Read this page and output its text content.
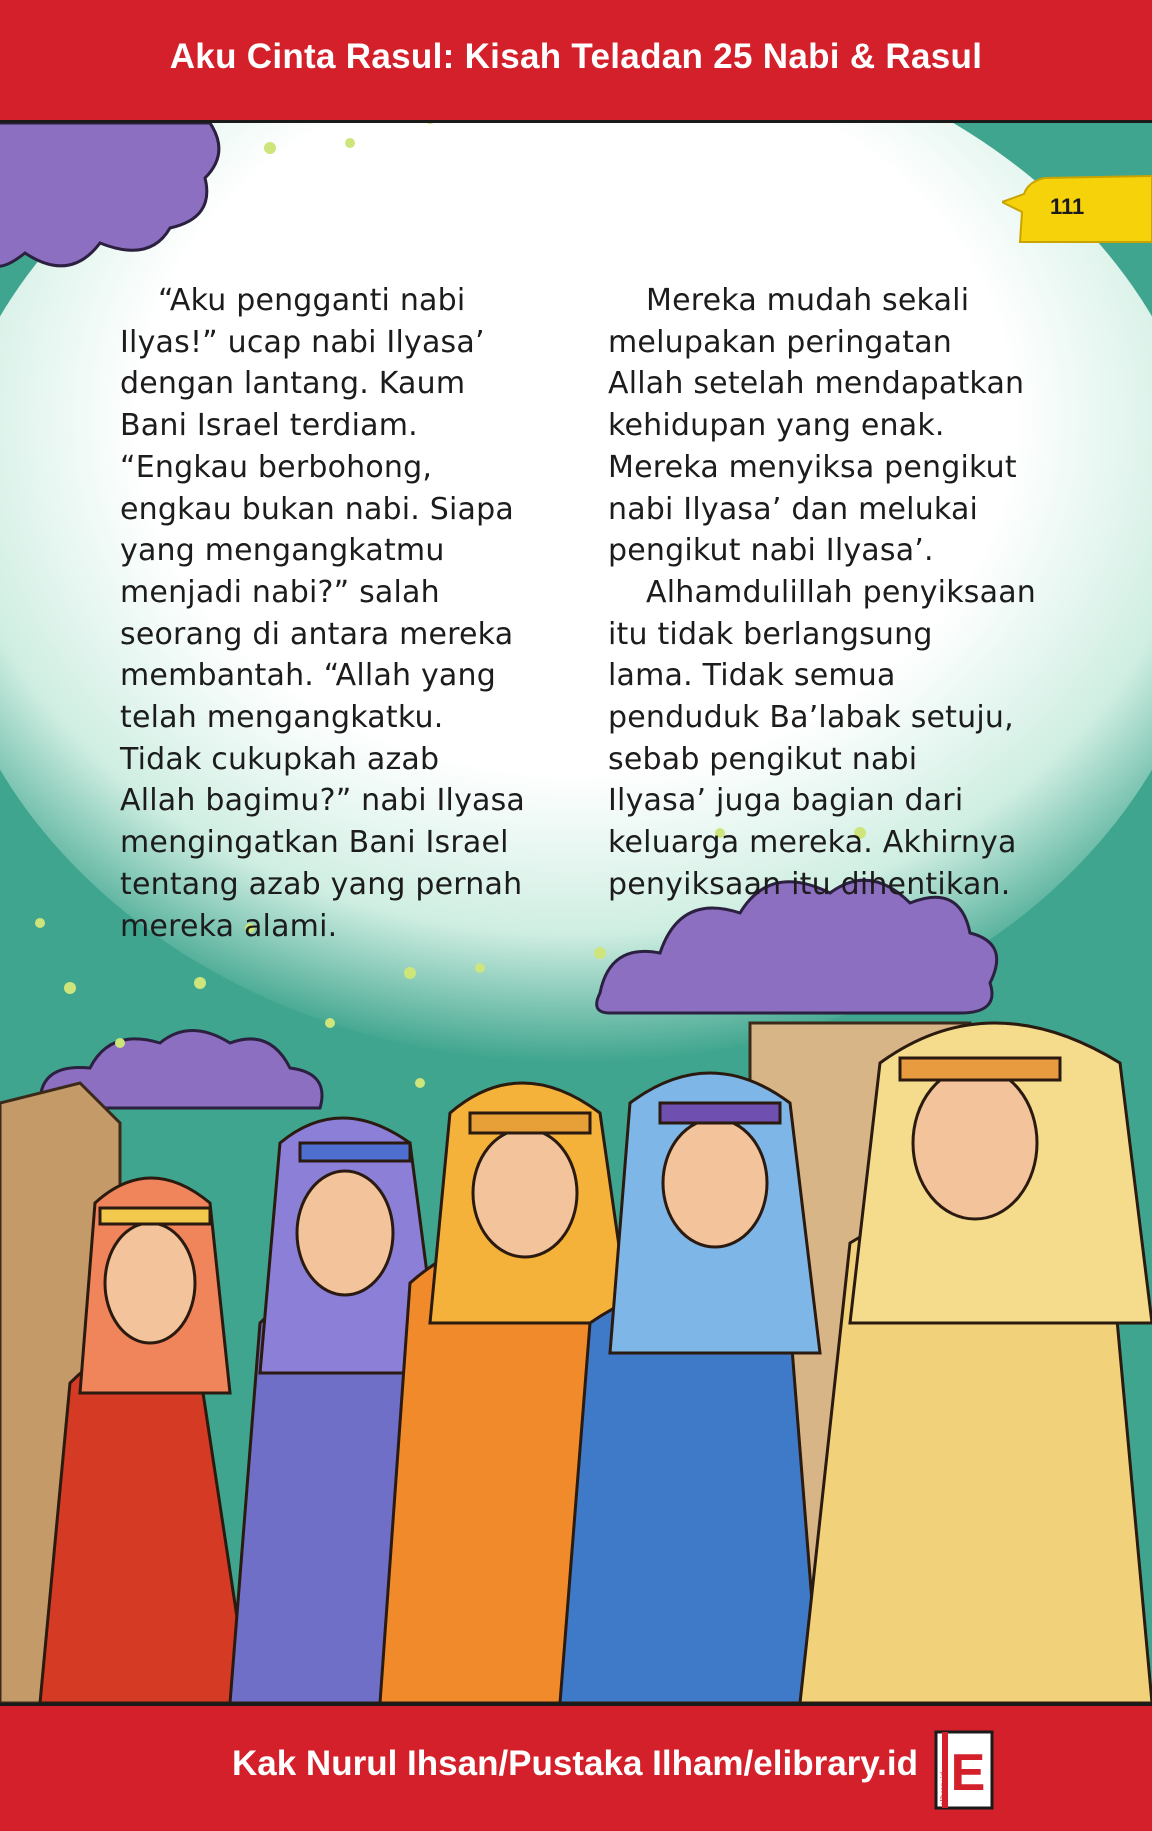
Aku Cinta Rasul: Kisah Teladan 25 Nabi & Rasul
111
“Aku pengganti nabi
Ilyas!” ucap nabi Ilyasa’
dengan lantang. Kaum
Bani Israel terdiam.
“Engkau berbohong,
engkau bukan nabi. Siapa
yang mengangkatmu
menjadi nabi?” salah
seorang di antara mereka
membantah. “Allah yang
telah mengangkatku.
Tidak cukupkah azab
Allah bagimu?” nabi Ilyasa
mengingatkan Bani Israel
tentang azab yang pernah
mereka alami.
Mereka mudah sekali
melupakan peringatan
Allah setelah mendapatkan
kehidupan yang enak.
Mereka menyiksa pengikut
nabi Ilyasa’ dan melukai
pengikut nabi Ilyasa’.
Alhamdulillah penyiksaan
itu tidak berlangsung
lama. Tidak semua
penduduk Ba’labak setuju,
sebab pengikut nabi
Ilyasa’ juga bagian dari
keluarga mereka. Akhirnya
penyiksaan itu dihentikan.
Kak Nurul Ihsan/Pustaka Ilham/elibrary.id E
elibrary.id
